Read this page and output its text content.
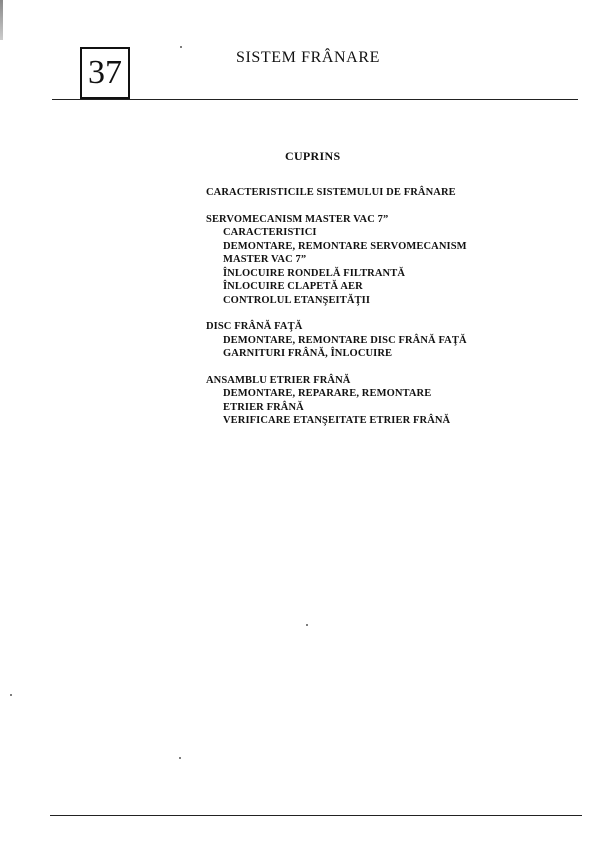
37	SISTEM FRÂNARE
CUPRINS
CARACTERISTICILE SISTEMULUI DE FRÂNARE
SERVOMECANISM MASTER VAC 7”
CARACTERISTICI
DEMONTARE, REMONTARE SERVOMECANISM
MASTER VAC 7”
ÎNLOCUIRE RONDELĂ FILTRANTĂ
ÎNLOCUIRE CLAPETĂ AER
CONTROLUL ETANŞEITĂŢII
DISC FRÂNĂ FAŢĂ
DEMONTARE, REMONTARE DISC FRÂNĂ FAŢĂ
GARNITURI FRÂNĂ, ÎNLOCUIRE
ANSAMBLU ETRIER FRÂNĂ
DEMONTARE, REPARARE, REMONTARE
ETRIER FRÂNĂ
VERIFICARE ETANŞEITATE ETRIER FRÂNĂ
